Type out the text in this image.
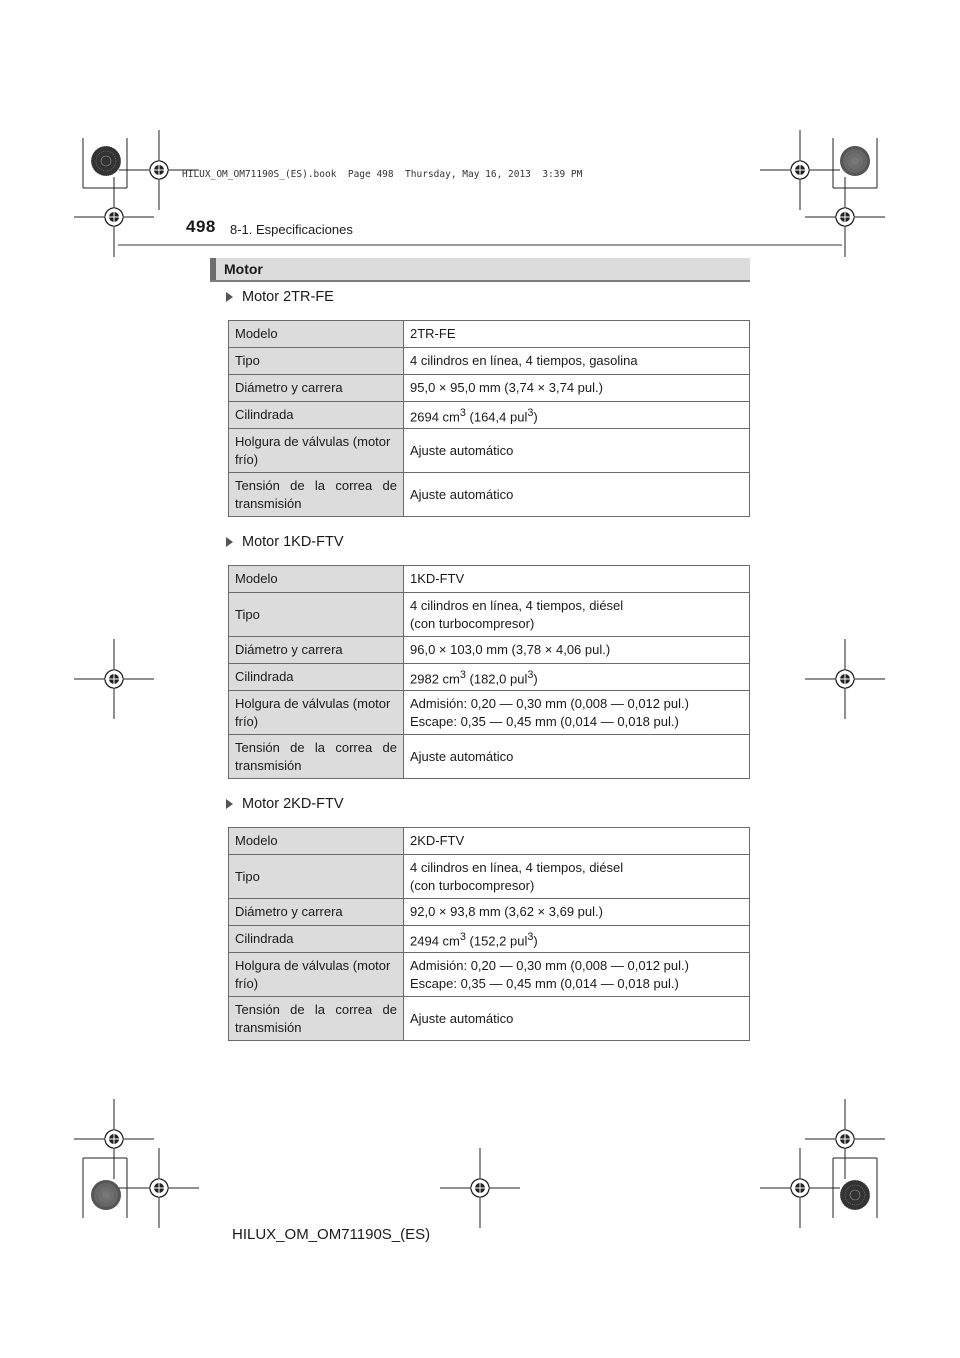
HILUX_OM_OM71190S_(ES).book  Page 498  Thursday, May 16, 2013  3:39 PM
498 8-1. Especificaciones
Motor
Motor 2TR-FE
Modelo	2TR-FE
Tipo	4 cilindros en línea, 4 tiempos, gasolina
Diámetro y carrera	95,0 × 95,0 mm (3,74 × 3,74 pul.)
Cilindrada	2694 $cm^3$ (164,4 pul$^3$)
Holgura de válvulas (motor frío)	Ajuste automático
Tensión de la correa de transmisión	Ajuste automático
Motor 1KD-FTV
Modelo	1KD-FTV
Tipo	4 cilindros en línea, 4 tiempos, diésel
(con turbocompresor)

Diámetro y carrera	96,0 × 103,0 mm (3,78 × 4,06 pul.)
Cilindrada	2982 $cm^3$ (182,0 pul$^3$)
Holgura de válvulas (motor frío)	Admisión: 0,20 — 0,30 mm (0,008 — 0,012 pul.)
Escape: 0,35 — 0,45 mm (0,014 — 0,018 pul.)

Tensión de la correa de transmisión	Ajuste automático
Motor 2KD-FTV
Modelo	2KD-FTV
Tipo	4 cilindros en línea, 4 tiempos, diésel
(con turbocompresor)

Diámetro y carrera	92,0 × 93,8 mm (3,62 × 3,69 pul.)
Cilindrada	2494 $cm^3$ (152,2 pul$^3$)
Holgura de válvulas (motor frío)	Admisión: 0,20 — 0,30 mm (0,008 — 0,012 pul.)
Escape: 0,35 — 0,45 mm (0,014 — 0,018 pul.)

Tensión de la correa de transmisión	Ajuste automático
HILUX_OM_OM71190S_(ES)
